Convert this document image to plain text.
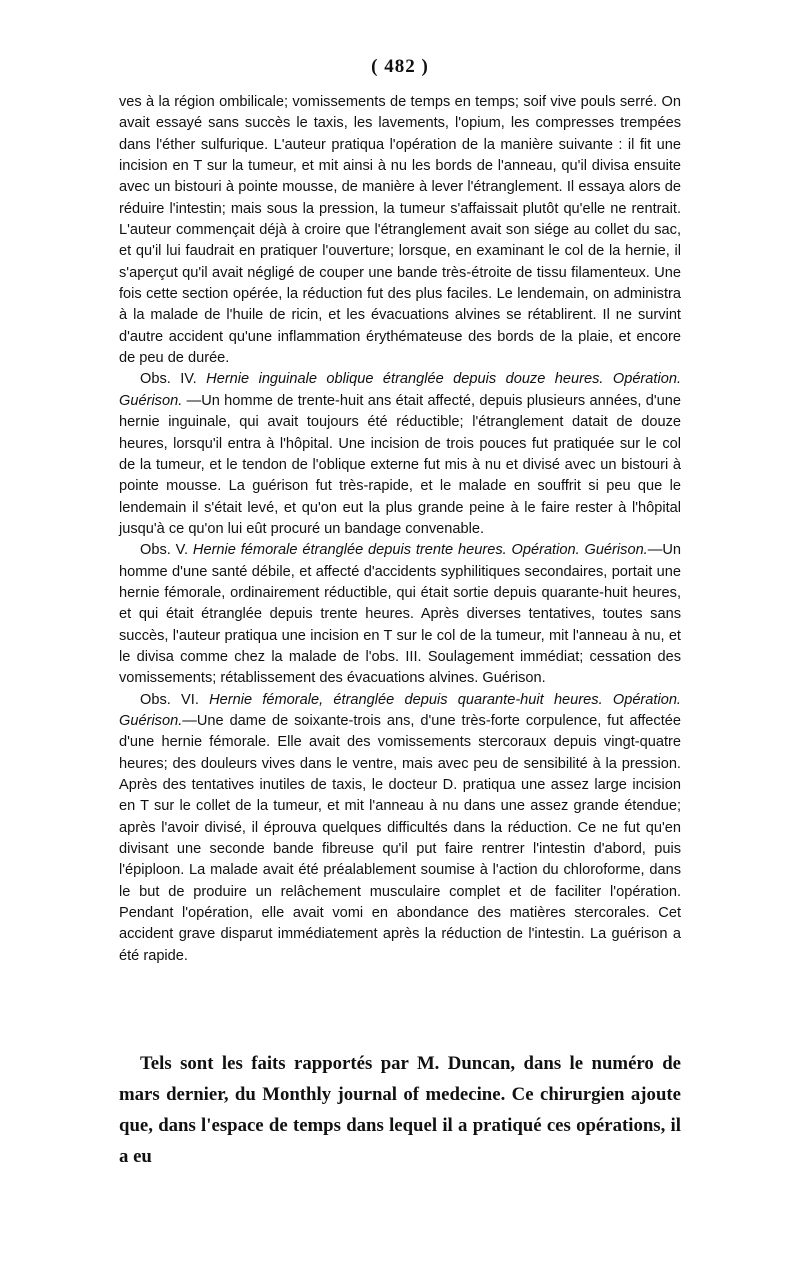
( 482 )

ves à la région ombilicale; vomissements de temps en temps; soif vive pouls serré. On avait essayé sans succès le taxis, les lavements, l'opium, les compresses trempées dans l'éther sulfurique. L'auteur pratiqua l'opération de la manière suivante : il fit une incision en T sur la tumeur, et mit ainsi à nu les bords de l'anneau, qu'il divisa ensuite avec un bistouri à pointe mousse, de manière à lever l'étranglement. Il essaya alors de réduire l'intestin; mais sous la pression, la tumeur s'affaissait plutôt qu'elle ne rentrait. L'auteur commençait déjà à croire que l'étranglement avait son siége au collet du sac, et qu'il lui faudrait en pratiquer l'ouverture; lorsque, en examinant le col de la hernie, il s'aperçut qu'il avait négligé de couper une bande très-étroite de tissu filamenteux. Une fois cette section opérée, la réduction fut des plus faciles. Le lendemain, on administra à la malade de l'huile de ricin, et les évacuations alvines se rétablirent. Il ne survint d'autre accident qu'une inflammation érythémateuse des bords de la plaie, et encore de peu de durée.

Obs. IV. Hernie inguinale oblique étranglée depuis douze heures. Opération. Guérison. —Un homme de trente-huit ans était affecté, depuis plusieurs années, d'une hernie inguinale, qui avait toujours été réductible; l'étranglement datait de douze heures, lorsqu'il entra à l'hôpital. Une incision de trois pouces fut pratiquée sur le col de la tumeur, et le tendon de l'oblique externe fut mis à nu et divisé avec un bistouri à pointe mousse. La guérison fut très-rapide, et le malade en souffrit si peu que le lendemain il s'était levé, et qu'on eut la plus grande peine à le faire rester à l'hôpital jusqu'à ce qu'on lui eût procuré un bandage convenable.

Obs. V. Hernie fémorale étranglée depuis trente heures. Opération. Guérison.—Un homme d'une santé débile, et affecté d'accidents syphilitiques secondaires, portait une hernie fémorale, ordinairement réductible, qui était sortie depuis quarante-huit heures, et qui était étranglée depuis trente heures. Après diverses tentatives, toutes sans succès, l'auteur pratiqua une incision en T sur le col de la tumeur, mit l'anneau à nu, et le divisa comme chez la malade de l'obs. III. Soulagement immédiat; cessation des vomissements; rétablissement des évacuations alvines. Guérison.

Obs. VI. Hernie fémorale, étranglée depuis quarante-huit heures. Opération. Guérison.—Une dame de soixante-trois ans, d'une très-forte corpulence, fut affectée d'une hernie fémorale. Elle avait des vomissements stercoraux depuis vingt-quatre heures; des douleurs vives dans le ventre, mais avec peu de sensibilité à la pression. Après des tentatives inutiles de taxis, le docteur D. pratiqua une assez large incision en T sur le collet de la tumeur, et mit l'anneau à nu dans une assez grande étendue; après l'avoir divisé, il éprouva quelques difficultés dans la réduction. Ce ne fut qu'en divisant une seconde bande fibreuse qu'il put faire rentrer l'intestin d'abord, puis l'épiploon. La malade avait été préalablement soumise à l'action du chloroforme, dans le but de produire un relâchement musculaire complet et de faciliter l'opération. Pendant l'opération, elle avait vomi en abondance des matières stercorales. Cet accident grave disparut immédiatement après la réduction de l'intestin. La guérison a été rapide.

Tels sont les faits rapportés par M. Duncan, dans le numéro de mars dernier, du Monthly journal of medecine. Ce chirurgien ajoute que, dans l'espace de temps dans lequel il a pratiqué ces opérations, il a eu
